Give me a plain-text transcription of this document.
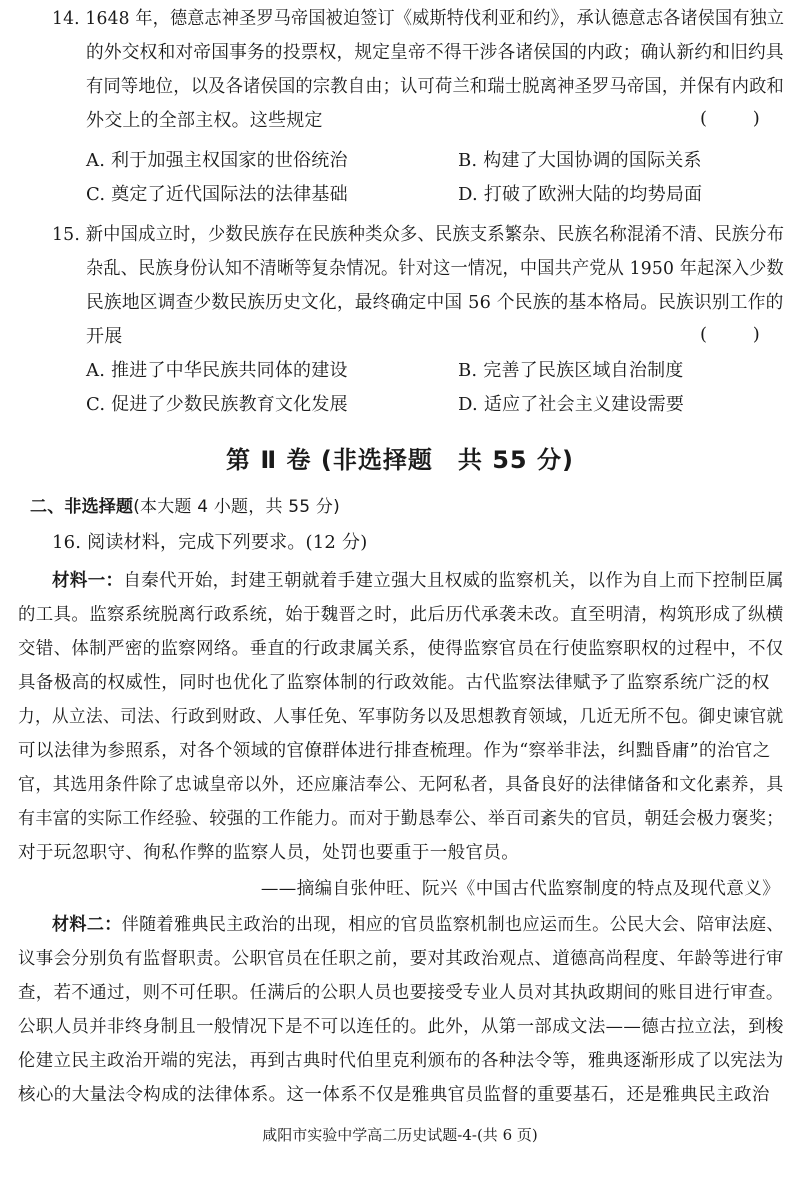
14. 1648 年，德意志神圣罗马帝国被迫签订《威斯特伐利亚和约》，承认德意志各诸侯国有独立
的外交权和对帝国事务的投票权，规定皇帝不得干涉各诸侯国的内政；确认新约和旧约具
有同等地位，以及各诸侯国的宗教自由；认可荷兰和瑞士脱离神圣罗马帝国，并保有内政和
外交上的全部主权。这些规定	(        )
A. 利于加强主权国家的世俗统治	B. 构建了大国协调的国际关系
C. 奠定了近代国际法的法律基础	D. 打破了欧洲大陆的均势局面
15. 新中国成立时，少数民族存在民族种类众多、民族支系繁杂、民族名称混淆不清、民族分布
杂乱、民族身份认知不清晰等复杂情况。针对这一情况，中国共产党从 1950 年起深入少数
民族地区调查少数民族历史文化，最终确定中国 56 个民族的基本格局。民族识别工作的
开展	(        )
A. 推进了中华民族共同体的建设	B. 完善了民族区域自治制度
C. 促进了少数民族教育文化发展	D. 适应了社会主义建设需要
第 Ⅱ 卷 (非选择题　共 55 分)
二、非选择题(本大题 4 小题，共 55 分)
16. 阅读材料，完成下列要求。(12 分)
材料一：自秦代开始，封建王朝就着手建立强大且权威的监察机关，以作为自上而下控制臣属
的工具。监察系统脱离行政系统，始于魏晋之时，此后历代承袭未改。直至明清，构筑形成了纵横
交错、体制严密的监察网络。垂直的行政隶属关系，使得监察官员在行使监察职权的过程中，不仅
具备极高的权威性，同时也优化了监察体制的行政效能。古代监察法律赋予了监察系统广泛的权
力，从立法、司法、行政到财政、人事任免、军事防务以及思想教育领域，几近无所不包。御史谏官就
可以法律为参照系，对各个领域的官僚群体进行排查梳理。作为“察举非法，纠黜昏庸”的治官之
官，其选用条件除了忠诚皇帝以外，还应廉洁奉公、无阿私者，具备良好的法律储备和文化素养，具
有丰富的实际工作经验、较强的工作能力。而对于勤恳奉公、举百司紊失的官员，朝廷会极力褒奖；
对于玩忽职守、徇私作弊的监察人员，处罚也要重于一般官员。
——摘编自张仲旺、阮兴《中国古代监察制度的特点及现代意义》
材料二：伴随着雅典民主政治的出现，相应的官员监察机制也应运而生。公民大会、陪审法庭、
议事会分别负有监督职责。公职官员在任职之前，要对其政治观点、道德高尚程度、年龄等进行审
查，若不通过，则不可任职。任满后的公职人员也要接受专业人员对其执政期间的账目进行审查。
公职人员并非终身制且一般情况下是不可以连任的。此外，从第一部成文法——德古拉立法，到梭
伦建立民主政治开端的宪法，再到古典时代伯里克利颁布的各种法令等，雅典逐渐形成了以宪法为
核心的大量法令构成的法律体系。这一体系不仅是雅典官员监督的重要基石，还是雅典民主政治
咸阳市实验中学高二历史试题-4-(共 6 页)
